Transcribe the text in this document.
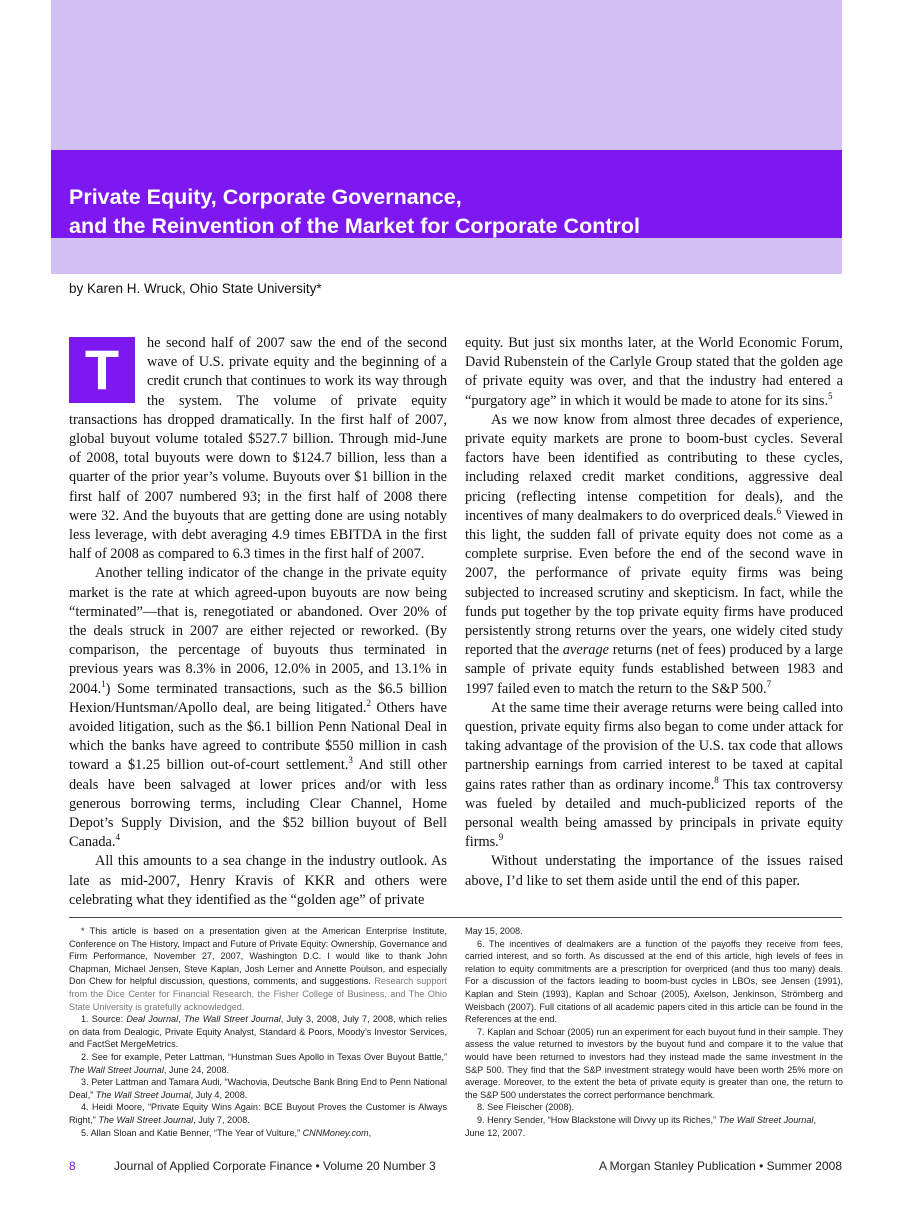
Private Equity, Corporate Governance,
and the Reinvention of the Market for Corporate Control
by Karen H. Wruck, Ohio State University*
T	he second half of 2007 saw the end of the second wave of U.S. private equity and the beginning of a credit crunch that continues to work its way through the system. The volume of private equity transactions has dropped dramatically. In the first half of 2007, global buyout volume totaled $527.7 billion. Through mid-June of 2008, total buyouts were down to $124.7 billion, less than a quarter of the prior year’s volume. Buyouts over $1 billion in the first half of 2007 numbered 93; in the first half of 2008 there were 32. And the buyouts that are getting done are using notably less leverage, with debt averaging 4.9 times EBITDA in the first half of 2008 as compared to 6.3 times in the first half of 2007.

Another telling indicator of the change in the private equity market is the rate at which agreed-upon buyouts are now being “terminated”—that is, renegotiated or abandoned. Over 20% of the deals struck in 2007 are either rejected or reworked. (By comparison, the percentage of buyouts thus terminated in previous years was 8.3% in 2006, 12.0% in 2005, and 13.1% in 2004.$^1$) Some terminated transactions, such as the $6.5 billion Hexion/Huntsman/Apollo deal, are being litigated.$^2$ Others have avoided litigation, such as the $6.1 billion Penn National Deal in which the banks have agreed to contribute $550 million in cash toward a $1.25 billion out-of-court settlement.$^3$ And still other deals have been salvaged at lower prices and/or with less generous borrowing terms, including Clear Channel, Home Depot’s Supply Division, and the $52 billion buyout of Bell Canada.$^4$

All this amounts to a sea change in the industry outlook. As late as mid-2007, Henry Kravis of KKR and others were celebrating what they identified as the “golden age” of private

equity. But just six months later, at the World Economic Forum, David Rubenstein of the Carlyle Group stated that the golden age of private equity was over, and that the industry had entered a “purgatory age” in which it would be made to atone for its sins.$^5$

As we now know from almost three decades of experience, private equity markets are prone to boom-bust cycles. Several factors have been identified as contributing to these cycles, including relaxed credit market conditions, aggressive deal pricing (reflecting intense competition for deals), and the incentives of many dealmakers to do overpriced deals.$^6$ Viewed in this light, the sudden fall of private equity does not come as a complete surprise. Even before the end of the second wave in 2007, the performance of private equity firms was being subjected to increased scrutiny and skepticism. In fact, while the funds put together by the top private equity firms have produced persistently strong returns over the years, one widely cited study reported that the average returns (net of fees) produced by a large sample of private equity funds established between 1983 and 1997 failed even to match the return to the S&P 500.$^7$

At the same time their average returns were being called into question, private equity firms also began to come under attack for taking advantage of the provision of the U.S. tax code that allows partnership earnings from carried interest to be taxed at capital gains rates rather than as ordinary income.$^8$ This tax controversy was fueled by detailed and much-publicized reports of the personal wealth being amassed by principals in private equity firms.$^9$

Without understating the importance of the issues raised above, I’d like to set them aside until the end of this paper.

* This article is based on a presentation given at the American Enterprise Institute, Conference on The History, Impact and Future of Private Equity: Ownership, Governance and Firm Performance, November 27, 2007, Washington D.C. I would like to thank John Chapman, Michael Jensen, Steve Kaplan, Josh Lerner and Annette Poulson, and especially Don Chew for helpful discussion, questions, comments, and suggestions. Research support from the Dice Center for Financial Research, the Fisher College of Business, and The Ohio State University is gratefully acknowledged.

1. Source: Deal Journal, The Wall Street Journal, July 3, 2008, July 7, 2008, which relies on data from Dealogic, Private Equity Analyst, Standard & Poors, Moody’s Investor Services, and FactSet MergeMetrics.

2. See for example, Peter Lattman, “Hunstman Sues Apollo in Texas Over Buyout Battle,” The Wall Street Journal, June 24, 2008.

3. Peter Lattman and Tamara Audi, “Wachovia, Deutsche Bank Bring End to Penn National Deal,” The Wall Street Journal, July 4, 2008.

4. Heidi Moore, “Private Equity Wins Again: BCE Buyout Proves the Customer is Always Right,” The Wall Street Journal, July 7, 2008.

5. Allan Sloan and Katie Benner, “The Year of Vulture,” CNNMoney.com,

May 15, 2008.

6. The incentives of dealmakers are a function of the payoffs they receive from fees, carried interest, and so forth. As discussed at the end of this article, high levels of fees in relation to equity commitments are a prescription for overpriced (and thus too many) deals. For a discussion of the factors leading to boom-bust cycles in LBOs, see Jensen (1991), Kaplan and Stein (1993), Kaplan and Schoar (2005), Axelson, Jenkinson, Strömberg and Weisbach (2007). Full citations of all academic papers cited in this article can be found in the References at the end.

7. Kaplan and Schoar (2005) run an experiment for each buyout fund in their sample. They assess the value returned to investors by the buyout fund and compare it to the value that would have been returned to investors had they instead made the same investment in the S&P 500. They find that the S&P investment strategy would have been worth 25% more on average. Moreover, to the extent the beta of private equity is greater than one, the return to the S&P 500 understates the correct performance benchmark.

8. See Fleischer (2008).

9. Henry Sender, “How Blackstone will Divvy up its Riches,” The Wall Street Journal,

June 12, 2007.

8	Journal of Applied Corporate Finance • Volume 20 Number 3	A Morgan Stanley Publication • Summer 2008
